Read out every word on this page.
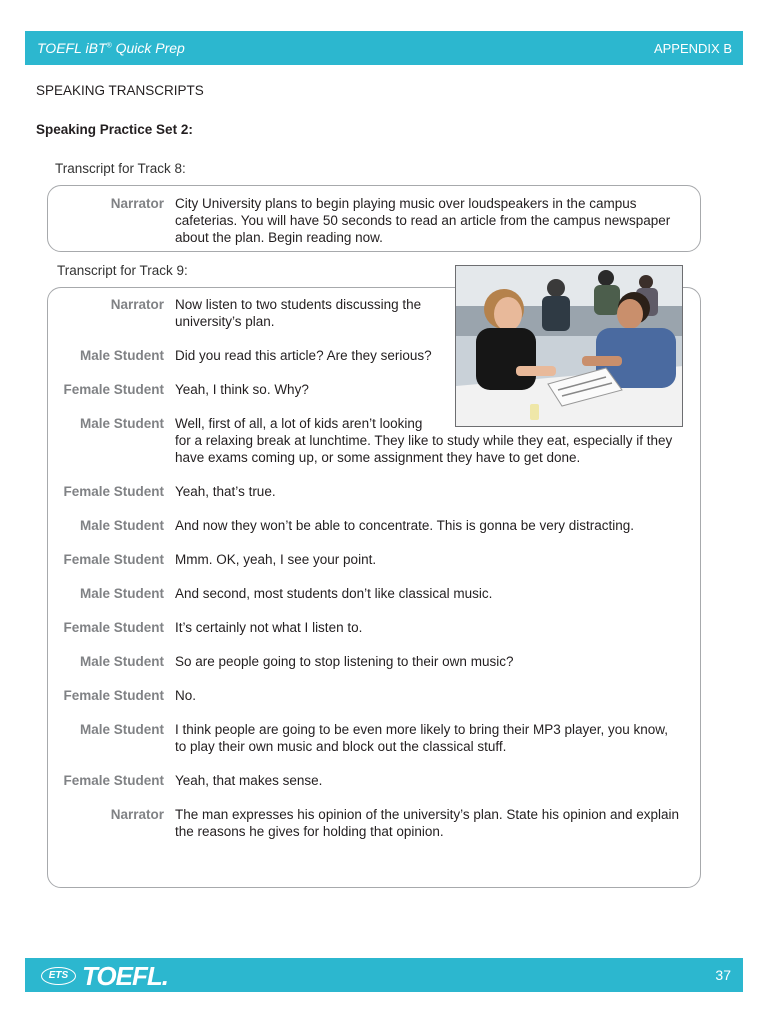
TOEFL iBT® Quick Prep	APPENDIX B
SPEAKING TRANSCRIPTS
Speaking Practice Set 2:
Transcript for Track 8:
Narrator City University plans to begin playing music over loudspeakers in the campus
cafeterias. You will have 50 seconds to read an article from the campus newspaper
about the plan. Begin reading now.
Transcript for Track 9:
Narrator Now listen to two students discussing the
university’s plan.
Male Student Did you read this article? Are they serious?
Female Student Yeah, I think so. Why?
Male Student Well, first of all, a lot of kids aren’t looking
for a relaxing break at lunchtime. They like to study while they eat, especially if they
have exams coming up, or some assignment they have to get done.
Female Student Yeah, that’s true.
Male Student And now they won’t be able to concentrate. This is gonna be very distracting.
Female Student Mmm. OK, yeah, I see your point.
Male Student And second, most students don’t like classical music.
Female Student It’s certainly not what I listen to.
Male Student So are people going to stop listening to their own music?
Female Student No.
Male Student I think people are going to be even more likely to bring their MP3 player, you know,
to play their own music and block out the classical stuff.
Female Student Yeah, that makes sense.
Narrator The man expresses his opinion of the university’s plan. State his opinion and explain
the reasons he gives for holding that opinion.
ETS TOEFL.	37
